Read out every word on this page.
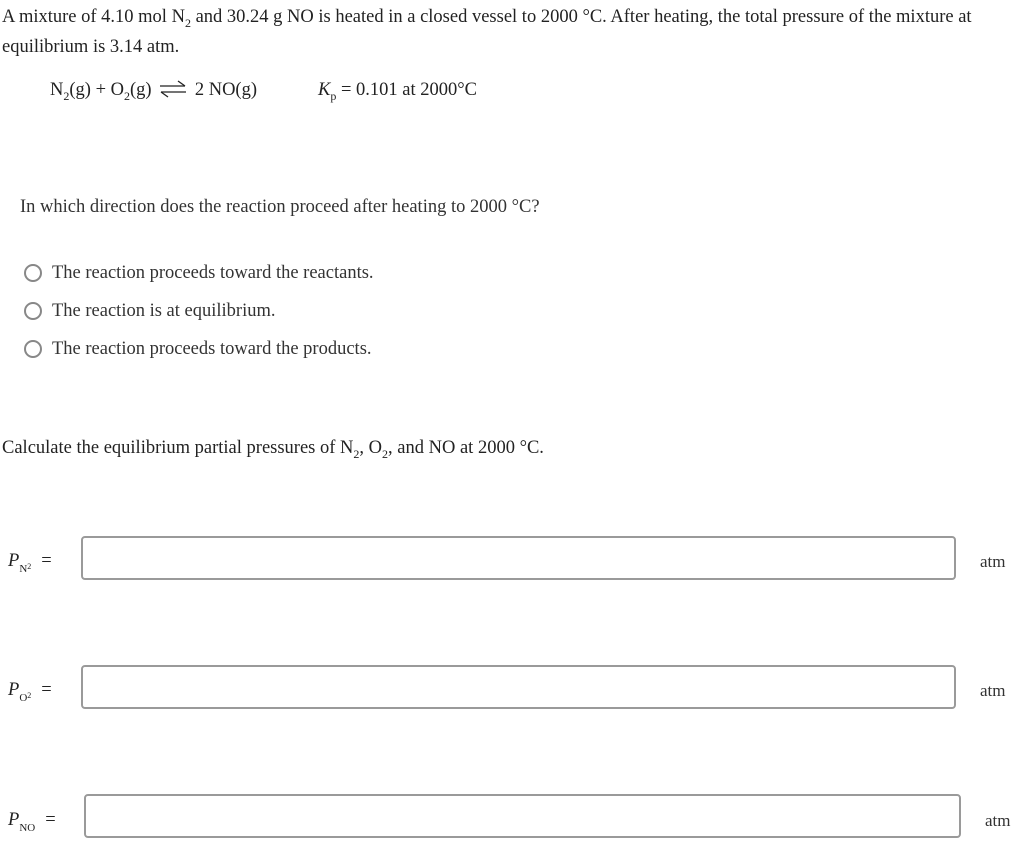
A mixture of 4.10 mol $N_2$ and 30.24 g NO is heated in a closed vessel to 2000 °C. After heating, the total pressure of the mixture at equilibrium is 3.14 atm.
$N_2(g) + O_2(g)$ ⇌ 2 NO(g)	$K_p = 0.101$ at 2000°C
In which direction does the reaction proceed after heating to 2000 °C?
The reaction proceeds toward the reactants.
The reaction is at equilibrium.
The reaction proceeds toward the products.
Calculate the equilibrium partial pressures of $N_2$, $O_2$, and NO at 2000 °C.
$P_N2$ =	atm
$P_O2$ =	atm
$P_{NO}$ =	atm
